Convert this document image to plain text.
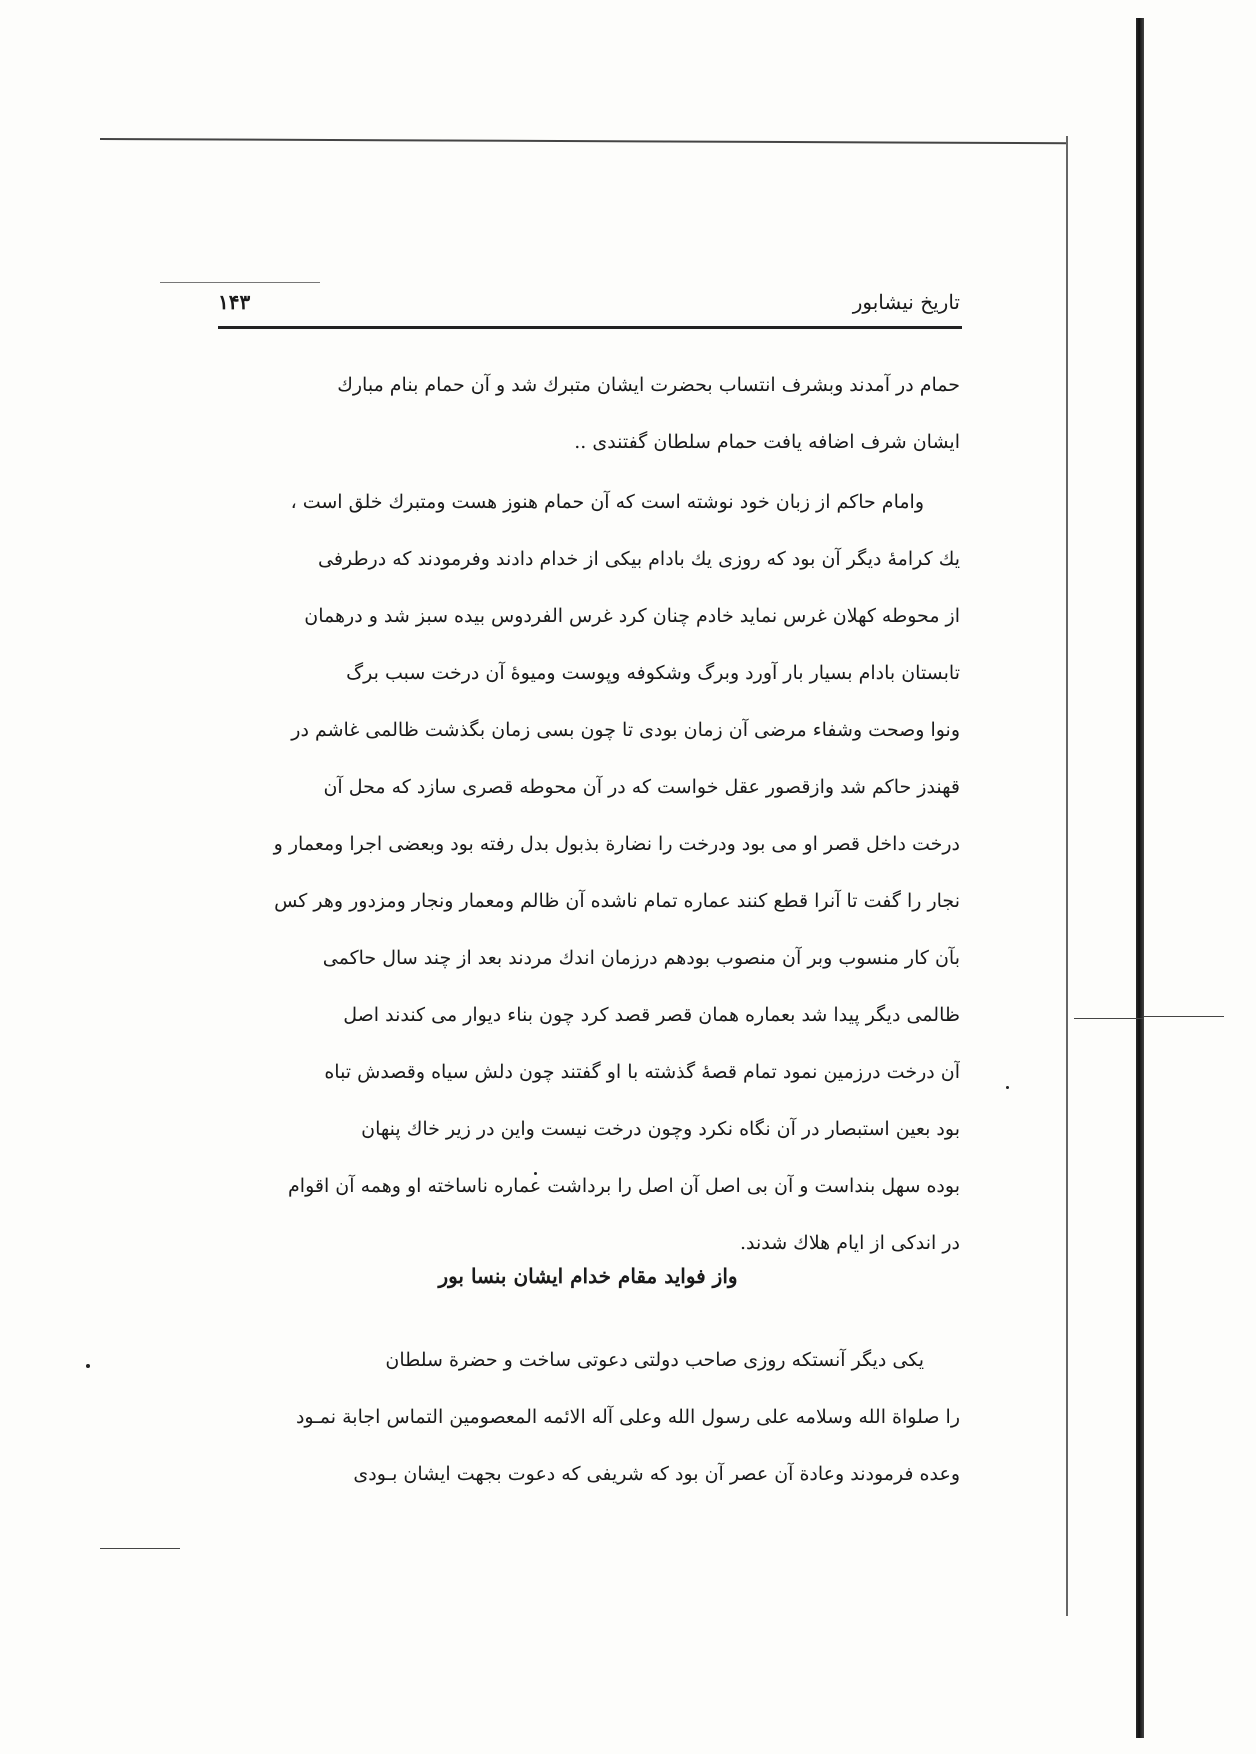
تاریخ نیشابور
۱۴۳
حمام در آمدند وبشرف انتساب بحضرت ایشان متبرك شد و آن حمام بنام مبارك
ایشان شرف اضافه یافت حمام سلطان گفتندی ..
وامام حاکم از زبان خود نوشته است که آن حمام هنوز هست ومتبرك خلق است ،
یك کرامهٔ دیگر آن بود که روزی یك بادام بیکی از خدام دادند وفرمودند که درطرفی
از محوطه کهلان غرس نماید خادم چنان کرد غرس الفردوس بیده سبز شد و درهمان
تابستان بادام بسیار بار آورد وبرگ وشکوفه وپوست ومیوهٔ آن درخت سبب برگ
ونوا وصحت وشفاء مرضی آن زمان بودی تا چون بسی زمان بگذشت ظالمی غاشم در
قهندز حاکم شد وازقصور عقل خواست که در آن محوطه قصری سازد که محل آن
درخت داخل قصر او می بود ودرخت را نضارة بذبول بدل رفته بود وبعضی اجرا ومعمار و
نجار را گفت تا آنرا قطع کنند عماره تمام ناشده آن ظالم ومعمار ونجار ومزدور وهر کس
بآن کار منسوب وبر آن منصوب بودهم درزمان اندك مردند بعد از چند سال حاکمی
ظالمی دیگر پیدا شد بعماره همان قصر قصد کرد چون بناء دیوار می کندند اصل
آن درخت درزمین نمود تمام قصهٔ گذشته با او گفتند چون دلش سیاه وقصدش تباه
بود بعین استبصار در آن نگاه نکرد وچون درخت نیست واین در زیر خاك پنهان
بوده سهل بنداست و آن بی اصل آن اصل را برداشت عماره ناساخته او وهمه آن اقوام
در اندکی از ایام هلاك شدند.
واز فواید مقام خدام ایشان بنسا بور
یکی دیگر آنستکه روزی صاحب دولتی دعوتی ساخت و حضرة سلطان
را صلواة الله وسلامه علی رسول الله وعلی آله الائمه المعصومین التماس اجابة نمـود
وعده فرمودند وعادة آن عصر آن بود که شریفی که دعوت بجهت ایشان بـودی
